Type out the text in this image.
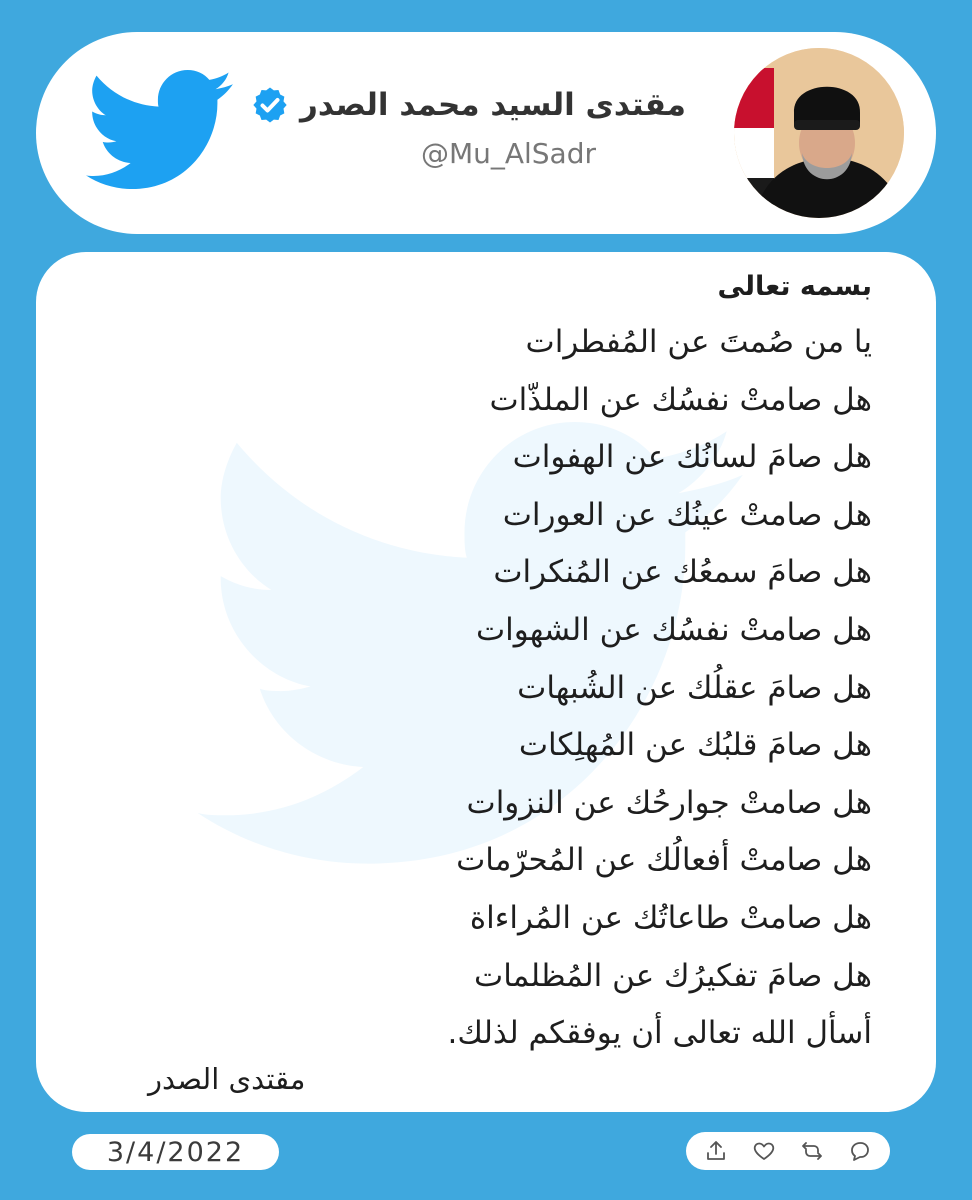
مقتدى السيد محمد الصدر
@Mu_AlSadr
بسمه تعالى
يا من صُمتَ عن المُفطرات
هل صامتْ نفسُك عن الملذّات
هل صامَ لسانُك عن الهفوات
هل صامتْ عينُك عن العورات
هل صامَ سمعُك عن المُنكرات
هل صامتْ نفسُك عن الشهوات
هل صامَ عقلُك عن الشُبهات
هل صامَ قلبُك عن المُهلِكات
هل صامتْ جوارحُك عن النزوات
هل صامتْ أفعالُك عن المُحرّمات
هل صامتْ طاعاتُك عن المُراءاة
هل صامَ تفكيرُك عن المُظلمات
أسأل الله تعالى أن يوفقكم لذلك.
مقتدى الصدر
3/4/2022
